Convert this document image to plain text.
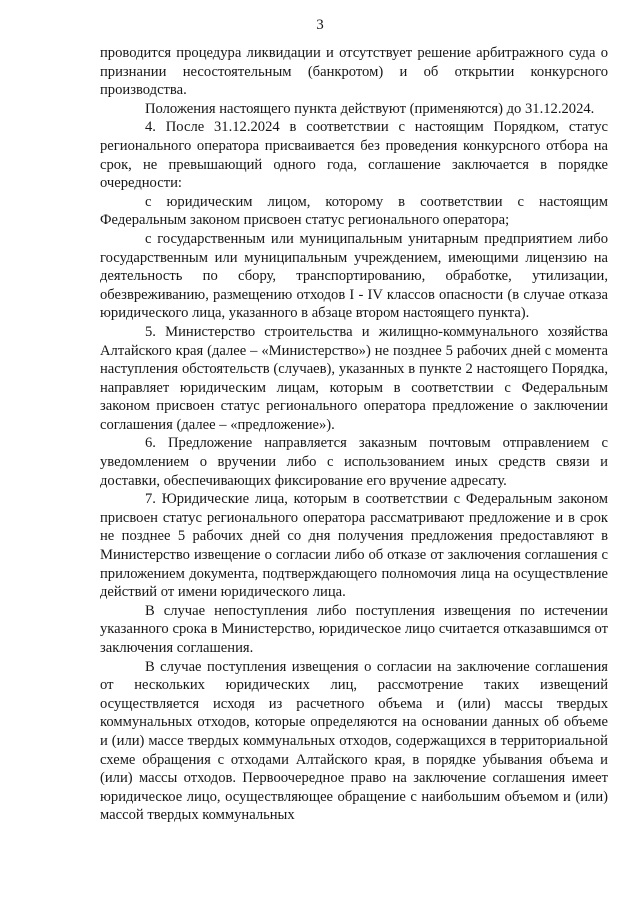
3

проводится процедура ликвидации и отсутствует решение арбитражного суда о признании несостоятельным (банкротом) и об открытии конкурсного производства.

Положения настоящего пункта действуют (применяются) до 31.12.2024.

4. После 31.12.2024 в соответствии с настоящим Порядком, статус регионального оператора присваивается без проведения конкурсного отбора на срок, не превышающий одного года, соглашение заключается в порядке очередности:

с юридическим лицом, которому в соответствии с настоящим Федеральным законом присвоен статус регионального оператора;

с государственным или муниципальным унитарным предприятием либо государственным или муниципальным учреждением, имеющими лицензию на деятельность по сбору, транспортированию, обработке, утилизации, обезвреживанию, размещению отходов I - IV классов опасности (в случае отказа юридического лица, указанного в абзаце втором настоящего пункта).

5. Министерство строительства и жилищно-коммунального хозяйства Алтайского края (далее – «Министерство») не позднее 5 рабочих дней с момента наступления обстоятельств (случаев), указанных в пункте 2 настоящего Порядка, направляет юридическим лицам, которым в соответствии с Федеральным законом присвоен статус регионального оператора предложение о заключении соглашения (далее – «предложение»).

6. Предложение направляется заказным почтовым отправлением с уведомлением о вручении либо с использованием иных средств связи и доставки, обеспечивающих фиксирование его вручение адресату.

7. Юридические лица, которым в соответствии с Федеральным законом присвоен статус регионального оператора рассматривают предложение и в срок не позднее 5 рабочих дней со дня получения предложения предоставляют в Министерство извещение о согласии либо об отказе от заключения соглашения с приложением документа, подтверждающего полномочия лица на осуществление действий от имени юридического лица.

В случае непоступления либо поступления извещения по истечении указанного срока в Министерство, юридическое лицо считается отказавшимся от заключения соглашения.

В случае поступления извещения о согласии на заключение соглашения от нескольких юридических лиц, рассмотрение таких извещений осуществляется исходя из расчетного объема и (или) массы твердых коммунальных отходов, которые определяются на основании данных об объеме и (или) массе твердых коммунальных отходов, содержащихся в территориальной схеме обращения с отходами Алтайского края, в порядке убывания объема и (или) массы отходов. Первоочередное право на заключение соглашения имеет юридическое лицо, осуществляющее обращение с наибольшим объемом и (или) массой твердых коммунальных
